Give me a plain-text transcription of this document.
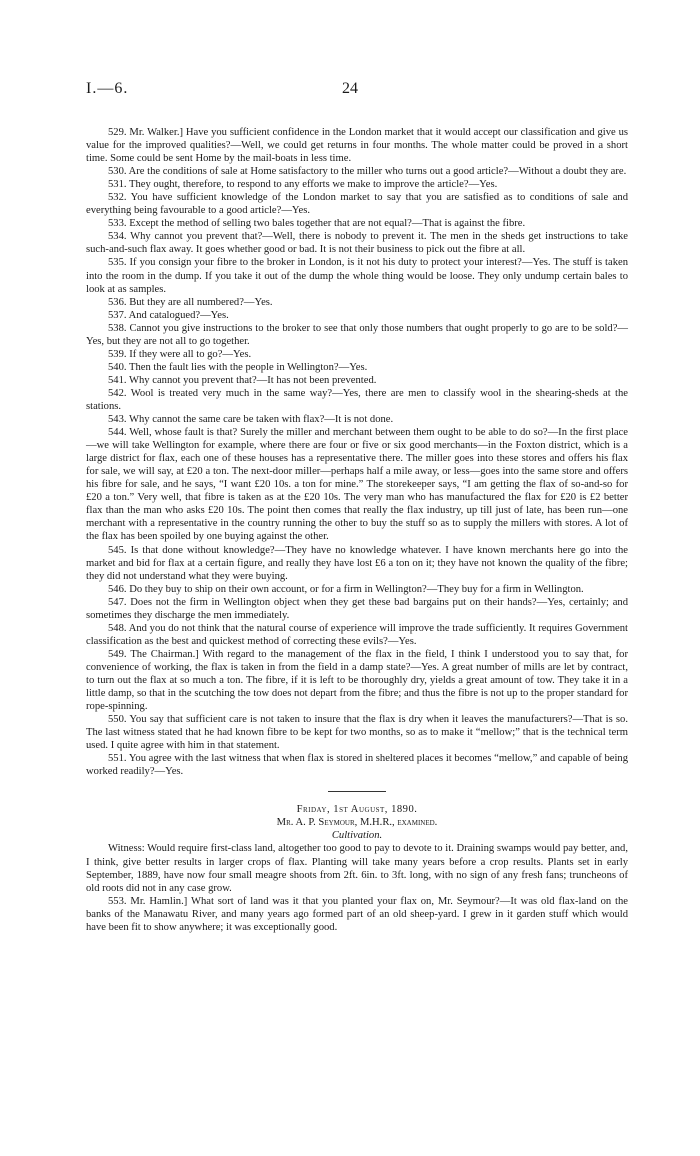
I.—6.	24

529. Mr. Walker.] Have you sufficient confidence in the London market that it would accept our classification and give us value for the improved qualities?—Well, we could get returns in four months. The whole matter could be proved in a short time. Some could be sent Home by the mail-boats in less time.

530. Are the conditions of sale at Home satisfactory to the miller who turns out a good article?—Without a doubt they are.

531. They ought, therefore, to respond to any efforts we make to improve the article?—Yes.

532. You have sufficient knowledge of the London market to say that you are satisfied as to conditions of sale and everything being favourable to a good article?—Yes.

533. Except the method of selling two bales together that are not equal?—That is against the fibre.

534. Why cannot you prevent that?—Well, there is nobody to prevent it. The men in the sheds get instructions to take such-and-such flax away. It goes whether good or bad. It is not their business to pick out the fibre at all.

535. If you consign your fibre to the broker in London, is it not his duty to protect your interest?—Yes. The stuff is taken into the room in the dump. If you take it out of the dump the whole thing would be loose. They only undump certain bales to look at as samples.

536. But they are all numbered?—Yes.

537. And catalogued?—Yes.

538. Cannot you give instructions to the broker to see that only those numbers that ought properly to go are to be sold?—Yes, but they are not all to go together.

539. If they were all to go?—Yes.

540. Then the fault lies with the people in Wellington?—Yes.

541. Why cannot you prevent that?—It has not been prevented.

542. Wool is treated very much in the same way?—Yes, there are men to classify wool in the shearing-sheds at the stations.

543. Why cannot the same care be taken with flax?—It is not done.

544. Well, whose fault is that? Surely the miller and merchant between them ought to be able to do so?—In the first place—we will take Wellington for example, where there are four or five or six good merchants—in the Foxton district, which is a large district for flax, each one of these houses has a representative there. The miller goes into these stores and offers his flax for sale, we will say, at £20 a ton. The next-door miller—perhaps half a mile away, or less—goes into the same store and offers his fibre for sale, and he says, “I want £20 10s. a ton for mine.” The storekeeper says, “I am getting the flax of so-and-so for £20 a ton.” Very well, that fibre is taken as at the £20 10s. The very man who has manufactured the flax for £20 is £2 better flax than the man who asks £20 10s. The point then comes that really the flax industry, up till just of late, has been run—one merchant with a representative in the country running the other to buy the stuff so as to supply the millers with stores. A lot of the flax has been spoiled by one buying against the other.

545. Is that done without knowledge?—They have no knowledge whatever. I have known merchants here go into the market and bid for flax at a certain figure, and really they have lost £6 a ton on it; they have not known the quality of the fibre; they did not understand what they were buying.

546. Do they buy to ship on their own account, or for a firm in Wellington?—They buy for a firm in Wellington.

547. Does not the firm in Wellington object when they get these bad bargains put on their hands?—Yes, certainly; and sometimes they discharge the men immediately.

548. And you do not think that the natural course of experience will improve the trade sufficiently. It requires Government classification as the best and quickest method of correcting these evils?—Yes.

549. The Chairman.] With regard to the management of the flax in the field, I think I understood you to say that, for convenience of working, the flax is taken in from the field in a damp state?—Yes. A great number of mills are let by contract, to turn out the flax at so much a ton. The fibre, if it is left to be thoroughly dry, yields a great amount of tow. They take it in a little damp, so that in the scutching the tow does not depart from the fibre; and thus the fibre is not up to the proper standard for rope-spinning.

550. You say that sufficient care is not taken to insure that the flax is dry when it leaves the manufacturers?—That is so. The last witness stated that he had known fibre to be kept for two months, so as to make it “mellow;” that is the technical term used. I quite agree with him in that statement.

551. You agree with the last witness that when flax is stored in sheltered places it becomes “mellow,” and capable of being worked readily?—Yes.

Friday, 1st August, 1890.

Mr. A. P. Seymour, M.H.R., examined.

Cultivation.

Witness: Would require first-class land, altogether too good to pay to devote to it. Draining swamps would pay better, and, I think, give better results in larger crops of flax. Planting will take many years before a crop results. Plants set in early September, 1889, have now four small meagre shoots from 2ft. 6in. to 3ft. long, with no sign of any fresh fans; truncheons of old roots did not in any case grow.

553. Mr. Hamlin.] What sort of land was it that you planted your flax on, Mr. Seymour?—It was old flax-land on the banks of the Manawatu River, and many years ago formed part of an old sheep-yard. I grew in it garden stuff which would have been fit to show anywhere; it was exceptionally good.
